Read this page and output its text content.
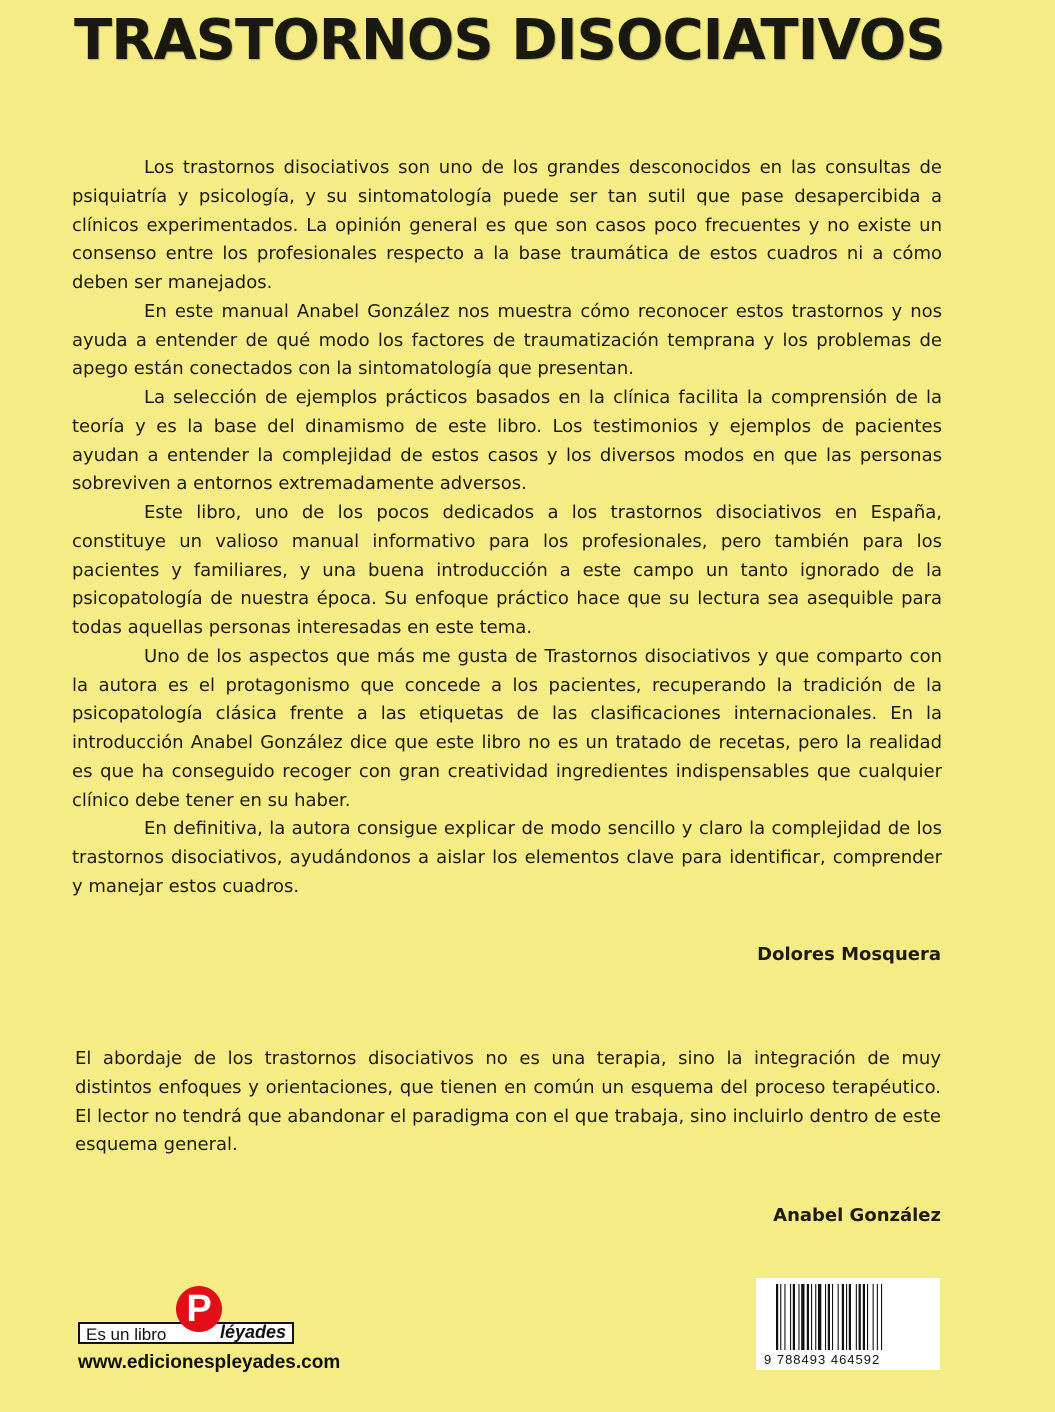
TRASTORNOS DISOCIATIVOS

Los trastornos disociativos son uno de los grandes desconocidos en las consultas de psiquiatría y psicología, y su sintomatología puede ser tan sutil que pase desapercibida a clínicos experimentados. La opinión general es que son casos poco frecuentes y no existe un consenso entre los profesionales respecto a la base traumática de estos cuadros ni a cómo deben ser manejados.

En este manual Anabel González nos muestra cómo reconocer estos trastornos y nos ayuda a entender de qué modo los factores de traumatización temprana y los problemas de apego están conectados con la sintomatología que presentan.

La selección de ejemplos prácticos basados en la clínica facilita la comprensión de la teoría y es la base del dinamismo de este libro. Los testimonios y ejemplos de pacientes ayudan a entender la complejidad de estos casos y los diversos modos en que las personas sobreviven a entornos extremadamente adversos.

Este libro, uno de los pocos dedicados a los trastornos disociativos en España, constituye un valioso manual informativo para los profesionales, pero también para los pacientes y familiares, y una buena introducción a este campo un tanto ignorado de la psicopatología de nuestra época. Su enfoque práctico hace que su lectura sea asequible para todas aquellas personas interesadas en este tema.

Uno de los aspectos que más me gusta de Trastornos disociativos y que comparto con la autora es el protagonismo que concede a los pacientes, recuperando la tradición de la psicopatología clásica frente a las etiquetas de las clasificaciones internacionales. En la introducción Anabel González dice que este libro no es un tratado de recetas, pero la realidad es que ha conseguido recoger con gran creatividad ingredientes indispensables que cualquier clínico debe tener en su haber.

En definitiva, la autora consigue explicar de modo sencillo y claro la complejidad de los trastornos disociativos, ayudándonos a aislar los elementos clave para identificar, comprender y manejar estos cuadros.

Dolores Mosquera

El abordaje de los trastornos disociativos no es una terapia, sino la integración de muy distintos enfoques y orientaciones, que tienen en común un esquema del proceso terapéutico. El lector no tendrá que abandonar el paradigma con el que trabaja, sino incluirlo dentro de este esquema general.

Anabel González

Es un libro
P
léyades

www.edicionespleyades.com	9 788493 464592
